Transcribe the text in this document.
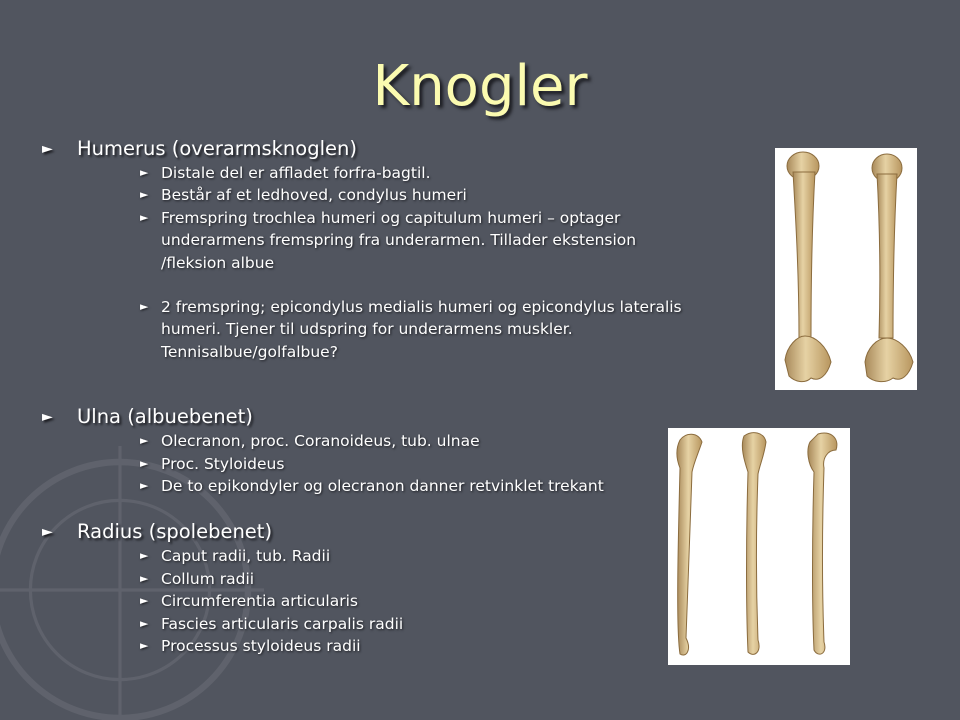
Knogler
► Humerus (overarmsknoglen)
► Distale del er affladet forfra-bagtil.
► Består af et ledhoved, condylus humeri
► Fremspring trochlea humeri og capitulum humeri – optager underarmens fremspring fra underarmen. Tillader ekstension /fleksion albue
► 2 fremspring; epicondylus medialis humeri og epicondylus lateralis humeri. Tjener til udspring for underarmens muskler. Tennisalbue/golfalbue?
► Ulna (albuebenet)
► Olecranon, proc. Coranoideus, tub. ulnae
► Proc. Styloideus
► De to epikondyler og olecranon danner retvinklet trekant
► Radius (spolebenet)
► Caput radii, tub. Radii
► Collum radii
► Circumferentia articularis
► Fascies articularis carpalis radii
► Processus styloideus radii
